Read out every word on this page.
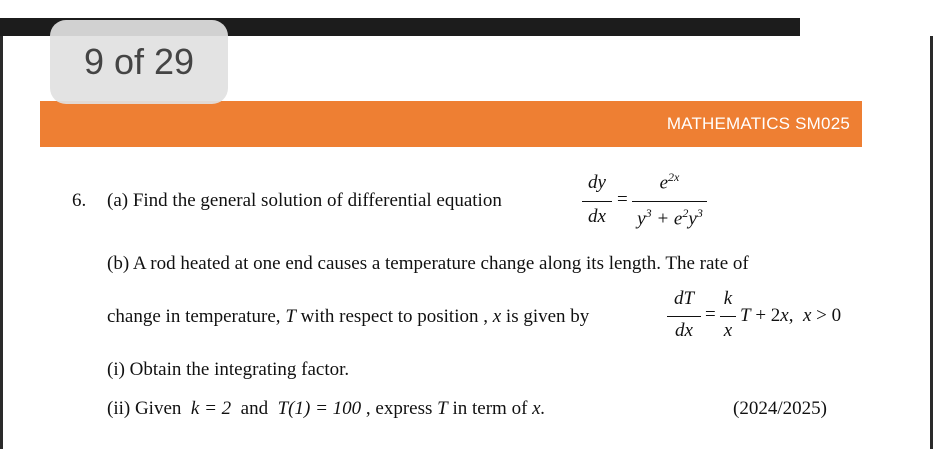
MATHEMATICS SM025
9 of 29
6. (a) Find the general solution of differential equation
dy
dx
=
$e^{2x}$
$y^3 + e^2y^3$
(b) A rod heated at one end causes a temperature change along its length. The rate of
change in temperature, T with respect to position , x is given by
dT
dx
=
k
x
T + 2x,  x > 0
(i) Obtain the integrating factor.
(ii) Given k = 2 and T(1) = 100 , express T in term of x.	(2024/2025)
